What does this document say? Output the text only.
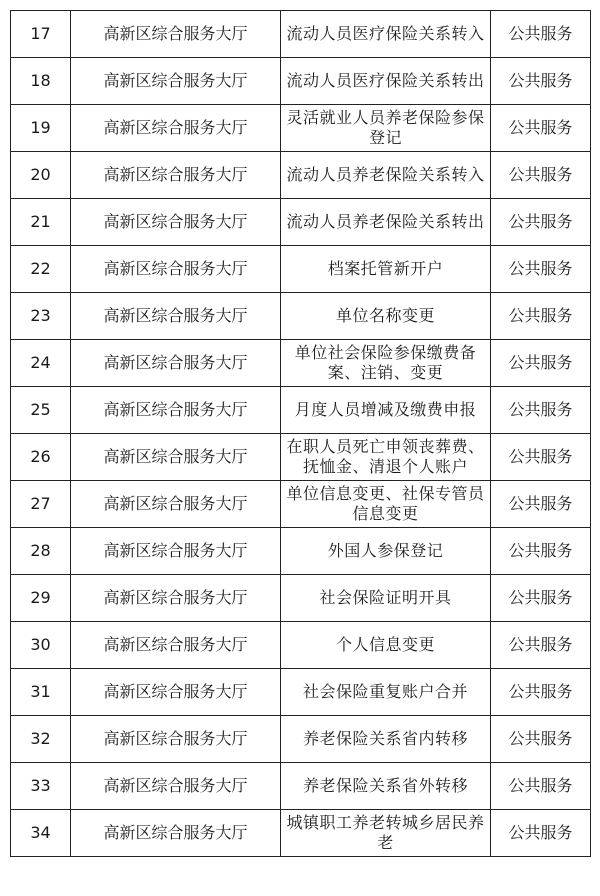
17	高新区综合服务大厅	流动人员医疗保险关系转入	公共服务
18	高新区综合服务大厅	流动人员医疗保险关系转出	公共服务
19	高新区综合服务大厅	灵活就业人员养老保险参保登记	公共服务
20	高新区综合服务大厅	流动人员养老保险关系转入	公共服务
21	高新区综合服务大厅	流动人员养老保险关系转出	公共服务
22	高新区综合服务大厅	档案托管新开户	公共服务
23	高新区综合服务大厅	单位名称变更	公共服务
24	高新区综合服务大厅	单位社会保险参保缴费备案、注销、变更	公共服务
25	高新区综合服务大厅	月度人员增减及缴费申报	公共服务
26	高新区综合服务大厅	在职人员死亡申领丧葬费、抚恤金、清退个人账户	公共服务
27	高新区综合服务大厅	单位信息变更、社保专管员信息变更	公共服务
28	高新区综合服务大厅	外国人参保登记	公共服务
29	高新区综合服务大厅	社会保险证明开具	公共服务
30	高新区综合服务大厅	个人信息变更	公共服务
31	高新区综合服务大厅	社会保险重复账户合并	公共服务
32	高新区综合服务大厅	养老保险关系省内转移	公共服务
33	高新区综合服务大厅	养老保险关系省外转移	公共服务
34	高新区综合服务大厅	城镇职工养老转城乡居民养老	公共服务
